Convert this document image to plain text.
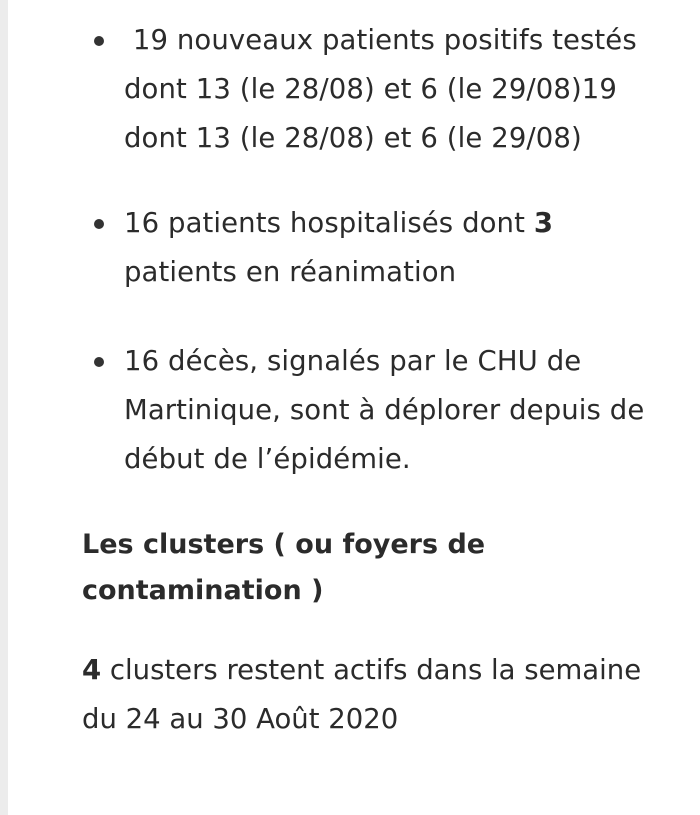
19 nouveaux patients positifs testés dont 13 (le 28/08) et 6 (le 29/08)19 dont 13 (le 28/08) et 6 (le 29/08)
16 patients hospitalisés dont 3 patients en réanimation
16 décès, signalés par le CHU de Martinique, sont à déplorer depuis de début de l’épidémie.
Les clusters ( ou foyers de contamination )

4 clusters restent actifs dans la semaine du 24 au 30 Août 2020
